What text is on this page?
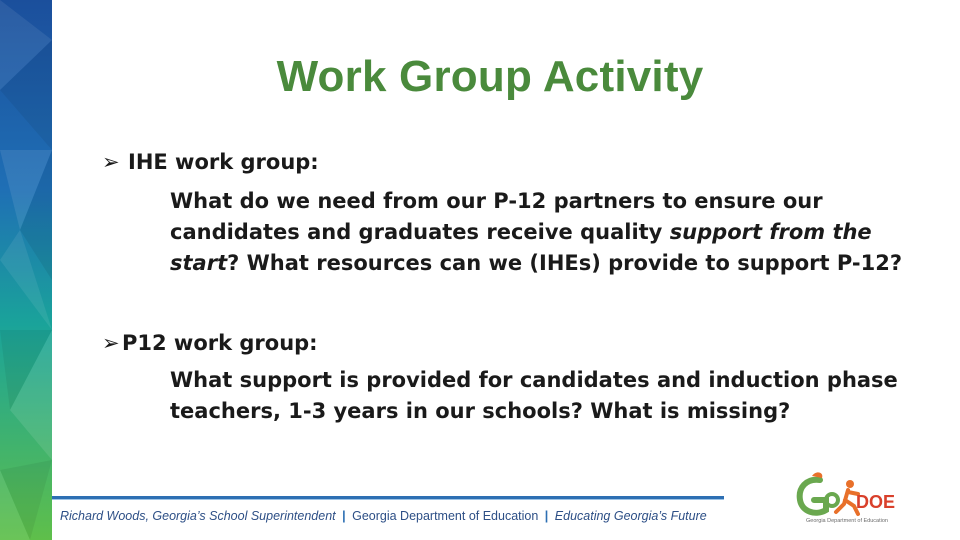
Work Group Activity
➢ IHE work group:
What do we need from our P-12 partners to ensure our candidates and graduates receive quality support from the start? What resources can we (IHEs) provide to support P-12?
➢ P12 work group:
What support is provided for candidates and induction phase teachers, 1-3 years in our schools? What is missing?
Richard Woods, Georgia’s School Superintendent | Georgia Department of Education | Educating Georgia’s Future
DOE
Georgia Department of Education
